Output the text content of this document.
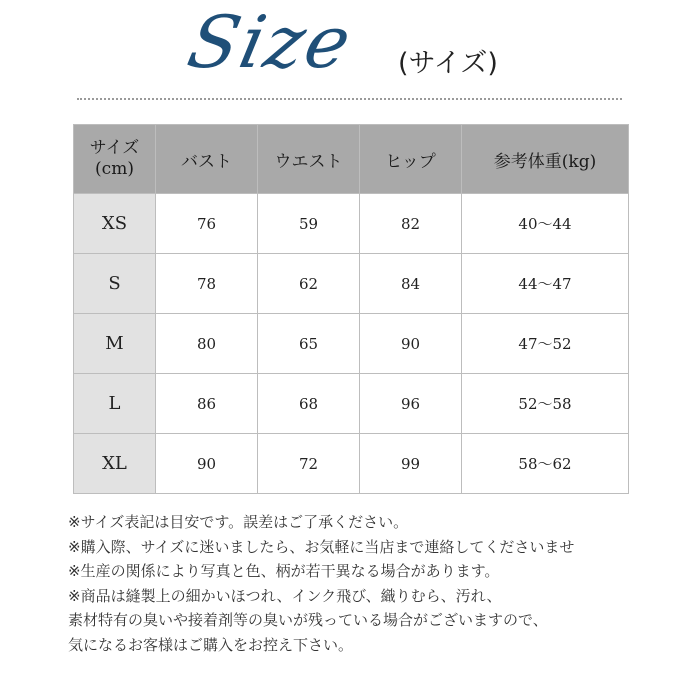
Size (サイズ)
サイズ
(cm)	バスト	ウエスト	ヒップ	参考体重(kg)
XS	76	59	82	40〜44
S	78	62	84	44〜47
M	80	65	90	47〜52
L	86	68	96	52〜58
XL	90	72	99	58〜62
※サイズ表記は目安です。誤差はご了承ください。
※購入際、サイズに迷いましたら、お気軽に当店まで連絡してくださいませ
※生産の関係により写真と色、柄が若干異なる場合があります。
※商品は縫製上の細かいほつれ、インク飛び、織りむら、汚れ、
素材特有の臭いや接着剤等の臭いが残っている場合がございますので、
気になるお客様はご購入をお控え下さい。
